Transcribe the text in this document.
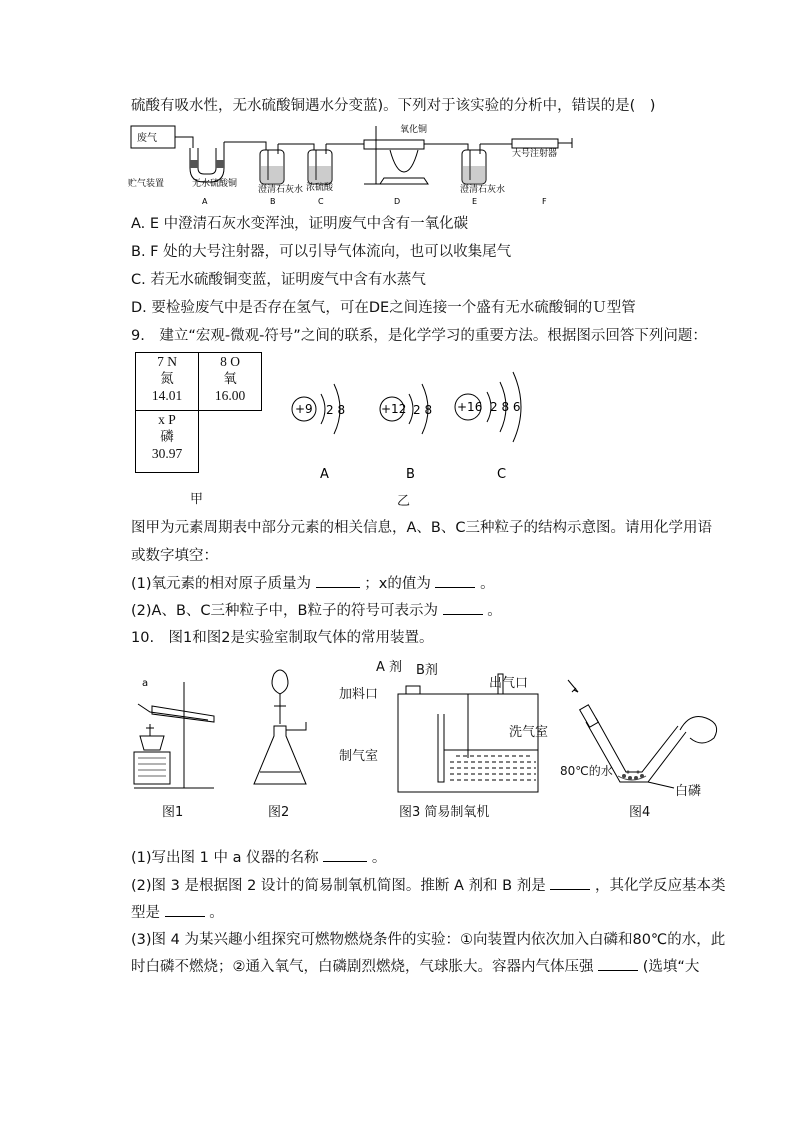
硫酸有吸水性，无水硫酸铜遇水分变蓝)。下列对于该实验的分析中，错误的是(　)
废气
氧化铜
大号注射器
贮气装置	无水硫酸铜
澄清石灰水 浓硫酸	澄清石灰水
A	B	C	D	E	F
A. E 中澄清石灰水变浑浊，证明废气中含有一氧化碳
B. F 处的大号注射器，可以引导气体流向，也可以收集尾气
C. 若无水硫酸铜变蓝，证明废气中含有水蒸气
D. 要检验废气中是否存在氢气，可在DE之间连接一个盛有无水硫酸铜的Ｕ型管
9.　建立“宏观-微观-符号”之间的联系，是化学学习的重要方法。根据图示回答下列问题：
7 N
氮
14.01
8 O
氧
16.00
x P
磷
30.97
甲
+9 2 8	+12 2 8 +16 2 8 6
A	B	C
乙
图甲为元素周期表中部分元素的相关信息，A、B、C三种粒子的结构示意图。请用化学用语
或数字填空：
(1)氧元素的相对原子质量为	；x的值为	。
(2)A、B、C三种粒子中，B粒子的符号可表示为	。
10.　图1和图2是实验室制取气体的常用装置。
a
图1	图2
A 剂 B剂
加料口
出气口
洗气室
制气室
图3 简易制氧机
80℃的水
白磷
图4
(1)写出图 1 中 a 仪器的名称	。
(2)图 3 是根据图 2 设计的简易制氧机简图。推断 A 剂和 B 剂是	，其化学反应基本类
型是	。
(3)图 4 为某兴趣小组探究可燃物燃烧条件的实验：①向装置内依次加入白磷和80℃的水，此
时白磷不燃烧；②通入氧气，白磷剧烈燃烧，气球胀大。容器内气体压强	(选填“大
